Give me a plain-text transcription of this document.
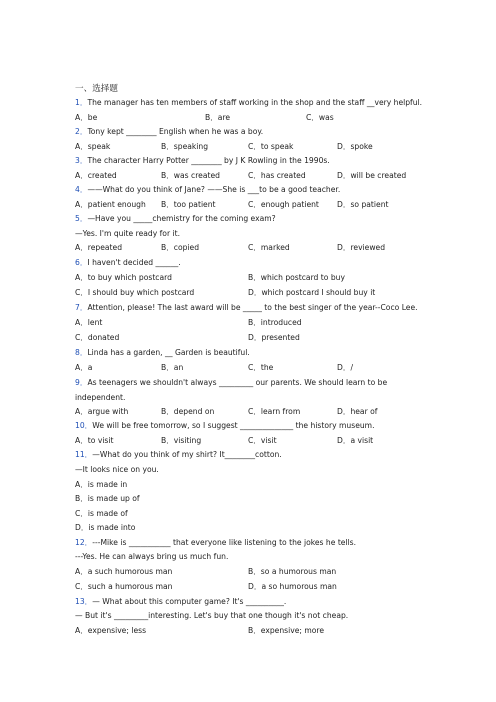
一、选择题
1．The manager has ten members of staff working in the shop and the staff __very helpful.
A．be	B．are	C．was
2．Tony kept ________ English when he was a boy.
A．speak	B．speaking	C．to speak	D．spoke
3．The character Harry Potter ________ by J K Rowling in the 1990s.
A．created	B．was created	C．has created	D．will be created
4．——What do you think of Jane? ——She is ___to be a good teacher.
A．patient enough B．too patient	C．enough patient D．so patient
5．—Have you _____chemistry for the coming exam?
—Yes. I'm quite ready for it.
A．repeated	B．copied	C．marked	D．reviewed
6．I haven't decided ______.
A．to buy which postcard	B．which postcard to buy
C．I should buy which postcard	D．which postcard I should buy it
7．Attention, please! The last award will be _____ to the best singer of the year--Coco Lee.
A．lent	B．introduced
C．donated	D．presented
8．Linda has a garden, __ Garden is beautiful.
A．a	B．an	C．the	D．/
9．As teenagers we shouldn't always _________ our parents. We should learn to be
independent.
A．argue with	B．depend on	C．learn from	D．hear of
10．We will be free tomorrow, so I suggest ______________ the history museum.
A．to visit	B．visiting	C．visit	D．a visit
11．—What do you think of my shirt? It________cotton.
—It looks nice on you.
A．is made in
B．is made up of
C．is made of
D．is made into
12．---Mike is ___________ that everyone like listening to the jokes he tells.
---Yes. He can always bring us much fun.
A．a such humorous man	B．so a humorous man
C．such a humorous man	D．a so humorous man
13．— What about this computer game? It's __________.
— But it's _________interesting. Let's buy that one though it's not cheap.
A．expensive; less	B．expensive; more
